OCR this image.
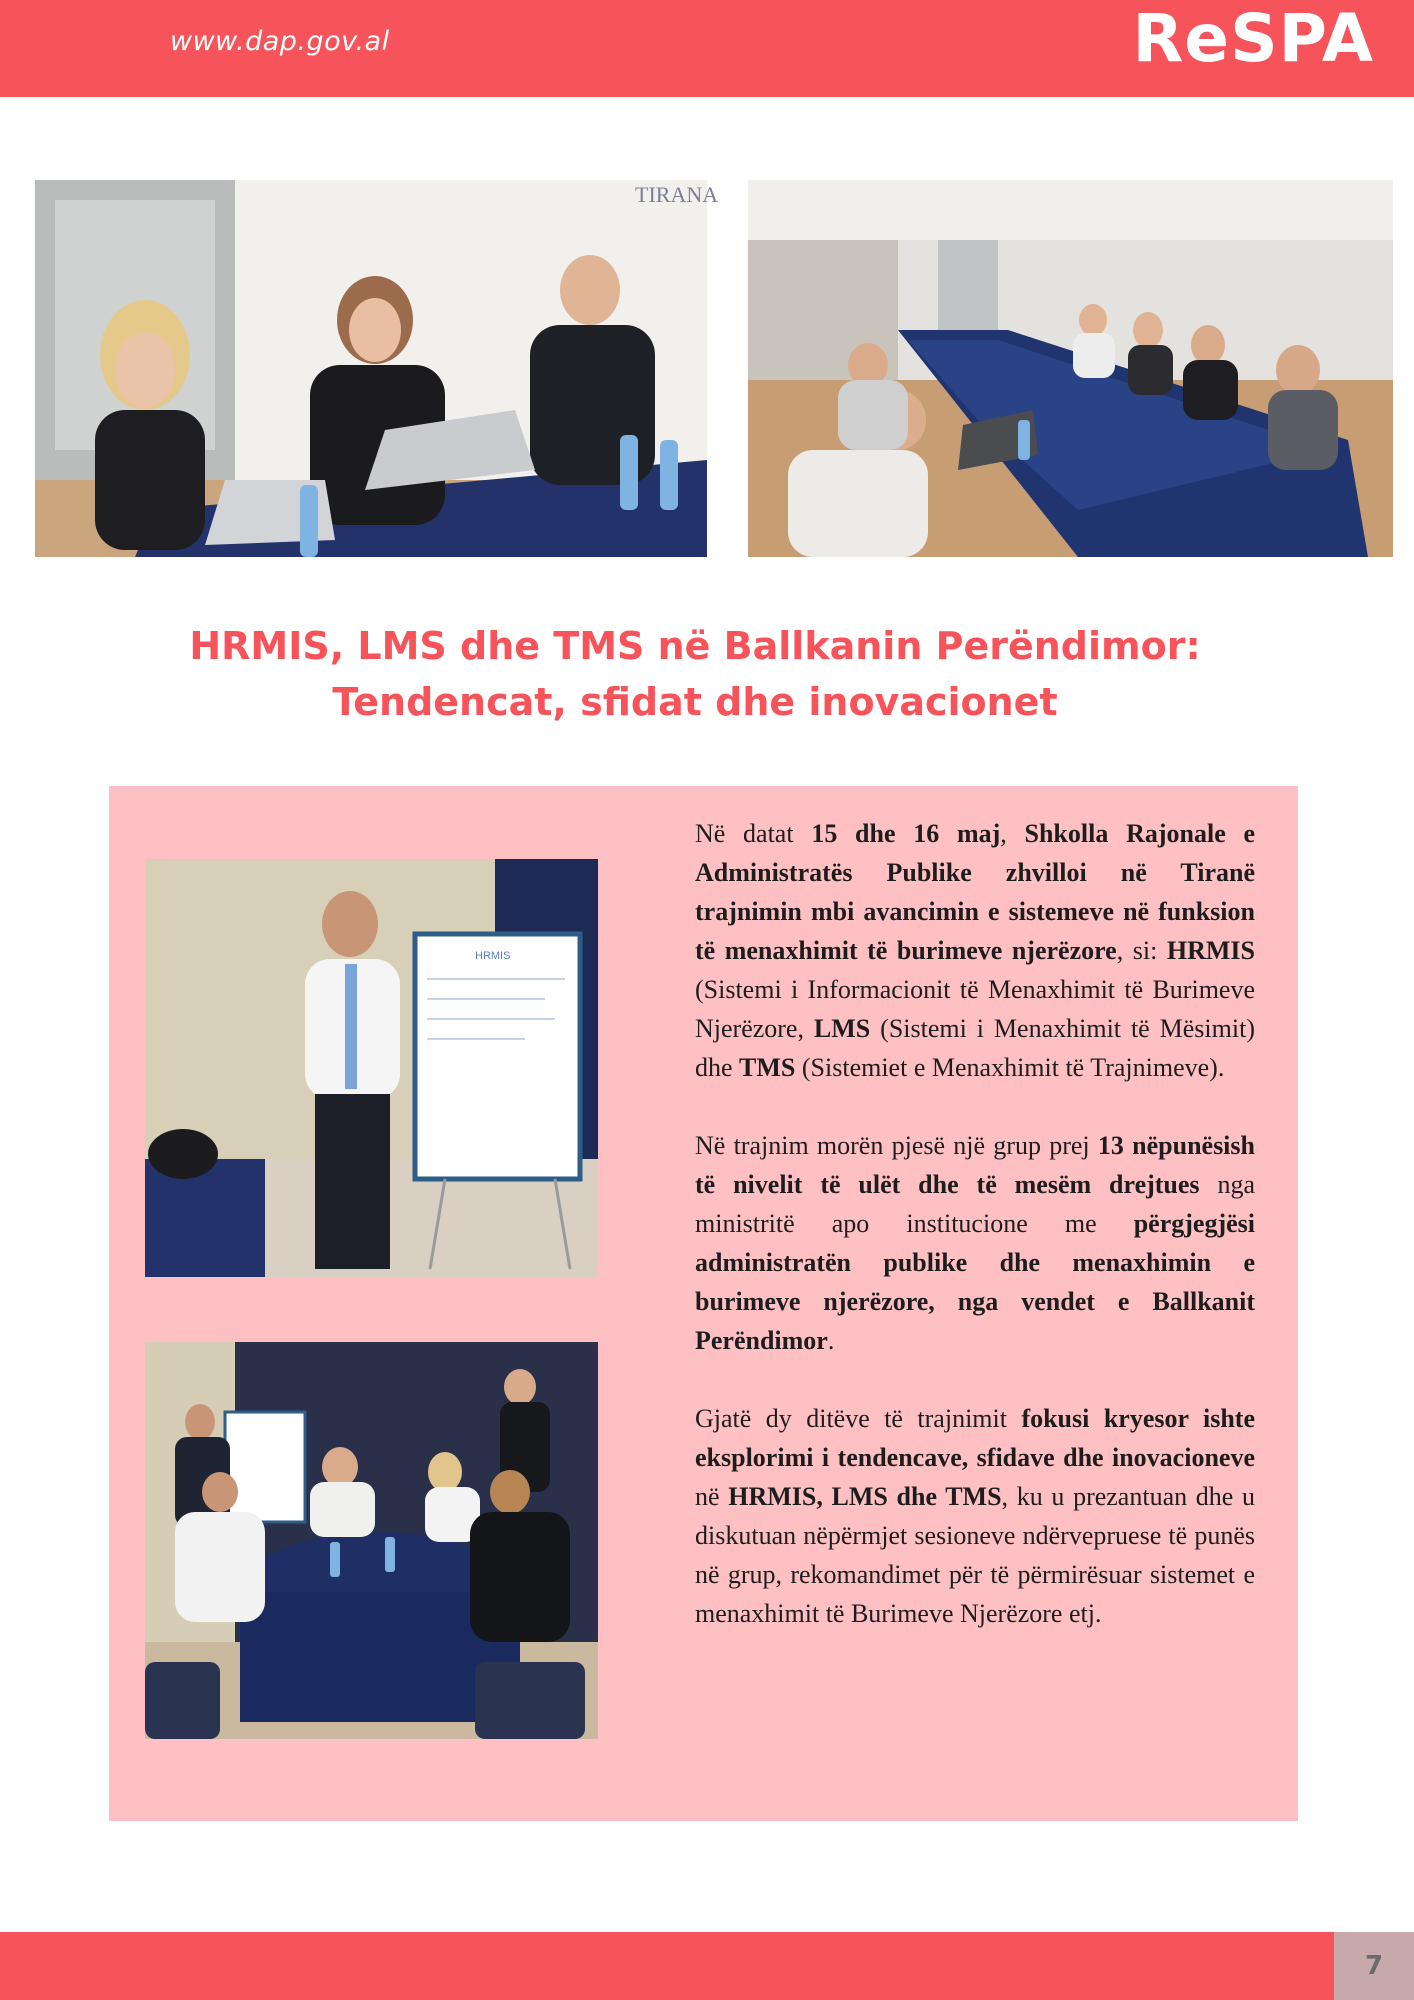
www.dap.gov.al	ReSPA
TIRANA
HRMIS, LMS dhe TMS në Ballkanin Perëndimor:
Tendencat, sfidat dhe inovacionet
HRMIS

Në datat 15 dhe 16 maj, Shkolla Rajonale e Administratës Publike zhvilloi në Tiranë trajnimin mbi avancimin e sistemeve në funksion të menaxhimit të burimeve njerëzore, si: HRMIS (Sistemi i Informacionit të Menaxhimit të Burimeve Njerëzore, LMS (Sistemi i Menaxhimit të Mësimit) dhe TMS (Sistemiet e Menaxhimit të Trajnimeve).

Në trajnim morën pjesë një grup prej 13 nëpunësish të nivelit të ulët dhe të mesëm drejtues nga ministritë apo institucione me përgjegjësi administratën publike dhe menaxhimin e burimeve njerëzore, nga vendet e Ballkanit Perëndimor.

Gjatë dy ditëve të trajnimit fokusi kryesor ishte eksplorimi i tendencave, sfidave dhe inovacioneve në HRMIS, LMS dhe TMS, ku u prezantuan dhe u diskutuan nëpërmjet sesioneve ndërvepruese të punës në grup, rekomandimet për të përmirësuar sistemet e menaxhimit të Burimeve Njerëzore etj.

7
